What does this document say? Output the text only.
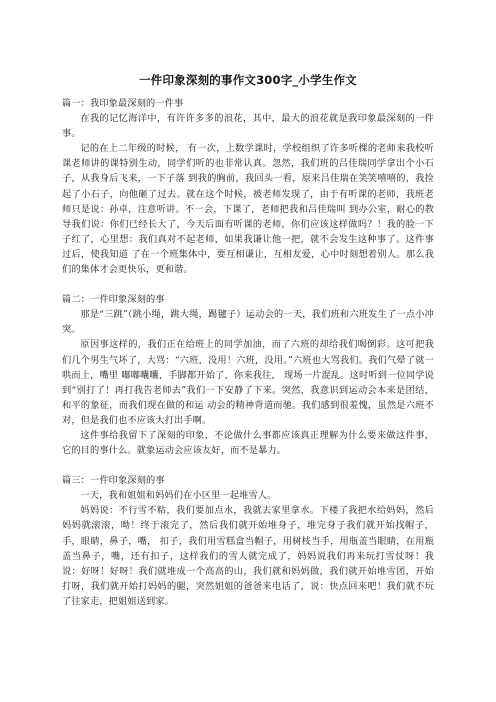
一件印象深刻的事作文300字_小学生作文

篇一：我印象最深刻的一件事

在我的记忆海洋中，有许许多多的浪花，其中，最大的浪花就是我印象最深刻的一件事。

记的在上二年级的时候， 有一次，上数学课时，学校组织了许多听棵的老师来我校听课老师讲的课特别生动，同学们听的也非常认真。忽然，我们班的吕佳瑞同学拿出个小石子，从我身后飞来，一下子落 到我的胸前，我回头一看，原来吕佳瑞在笑笑嘻嘻的，我捡起了小石子，向他砸了过去。就在这个时候，被老师发现了，由于有听课的老师，我班老师只是说：孙卓，注意听讲。不一会，下课了，老师把我和吕佳瑞叫 到办公室，耐心的教导我们说：你们已经长大了，今天后面有听课的老师，你们应该这样做吗？！我的脸一下子红了，心里想：我们真对不起老师，如果我谦让他一把，就不会发生这种事了。这件事 过后，使我知道 了在一个班集体中，要互相谦让，互相友爱，心中时刻想着别人。那么我们的集体才会更快乐，更和谐。

篇二：一件印象深刻的事

那是“三跳”（跳小绳，跳大绳，踢毽子）运动会的一天，我们班和六班发生了一点小冲突。

原因事这样的，我们正在给班上的同学加油，而了六班的却给我们喝倒彩。这可把我们几个男生气坏了，大骂：“六班，没用！六班，没用。”六班也大骂我们。我们气晕了就一哄而上，嘴里 嘟嘟囔囔，手脚都开始了，你来我往， 现场一片混乱。这时听到一位同学说到“别打了！再打我告老师去”我们一下安静了下来。突然，我意识到运动会本来是团结，和平的象征，而我们现在做的和运 动会的精神背道而驰。我们感到很羞愧，虽然是六班不对，但是我们也不应该大打出手啊。

这件事给我留下了深刻的印象，不论做什么事都应该真正理解为什么要来做这件事，它的目的事什么。就象运动会应该友好，而不是暴力。

篇三：一件印象深刻的事

一天，我和姐姐和妈妈们在小区里一起堆雪人。

妈妈说：不行雪不粘，我们要加点水，我就去家里拿水。下楼了我把水给妈妈，然后妈妈就滚滚，呦！终于滚完了，然后我们就开始堆身子，堆完身子我们就开始找帽子，手，眼睛，鼻子，嘴， 扣子，我们用雪糕盒当帽子，用树枝当手，用瓶盖当眼睛，在用瓶盖当鼻子，嘴，还有扣子，这样我们的雪人就完成了，妈妈说我们再来玩打雪仗呀！我说：好呀！好呀！我们就堆成一个高高的山，我们就和妈妈做，我们就开始堆雪团，开始打呀，我们就开始打妈妈的腿，突然姐姐的爸爸来电话了，说：快点回来吧！我们就不玩了往家走，把姐姐送到家。
